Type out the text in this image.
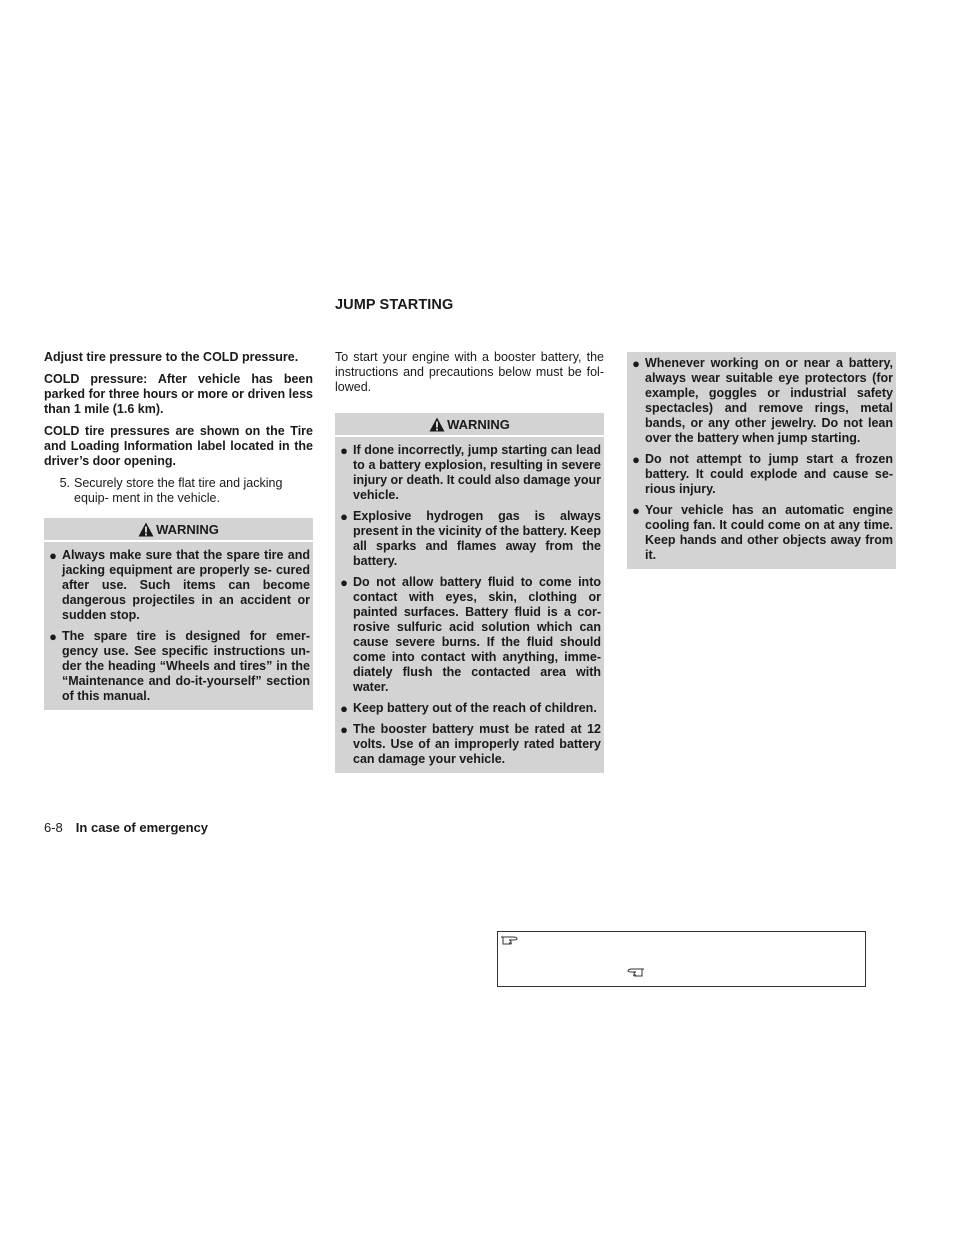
JUMP STARTING

Adjust tire pressure to the COLD pressure.

COLD pressure: After vehicle has been parked for three hours or more or driven less than 1 mile (1.6 km).

COLD tire pressures are shown on the Tire and Loading Information label located in the driver’s door opening.

5. Securely store the flat tire and jacking equip- ment in the vehicle.
WARNING
● Always make sure that the spare tire and jacking equipment are properly se- cured after use. Such items can become dangerous projectiles in an accident or sudden stop.
● The spare tire is designed for emer- gency use. See specific instructions un- der the heading “Wheels and tires” in the “Maintenance and do-it-yourself” section of this manual.

To start your engine with a booster battery, the instructions and precautions below must be fol- lowed.

WARNING
● If done incorrectly, jump starting can lead to a battery explosion, resulting in severe injury or death. It could also damage your vehicle.
● Explosive hydrogen gas is always present in the vicinity of the battery. Keep all sparks and flames away from the battery.
● Do not allow battery fluid to come into contact with eyes, skin, clothing or painted surfaces. Battery fluid is a cor- rosive sulfuric acid solution which can cause severe burns. If the fluid should come into contact with anything, imme- diately flush the contacted area with water.
● Keep battery out of the reach of children.
● The booster battery must be rated at 12 volts. Use of an improperly rated battery can damage your vehicle.
● Whenever working on or near a battery, always wear suitable eye protectors (for example, goggles or industrial safety spectacles) and remove rings, metal bands, or any other jewelry. Do not lean over the battery when jump starting.
● Do not attempt to jump start a frozen battery. It could explode and cause se- rious injury.
● Your vehicle has an automatic engine cooling fan. It could come on at any time. Keep hands and other objects away from it.
6-8 In case of emergency
